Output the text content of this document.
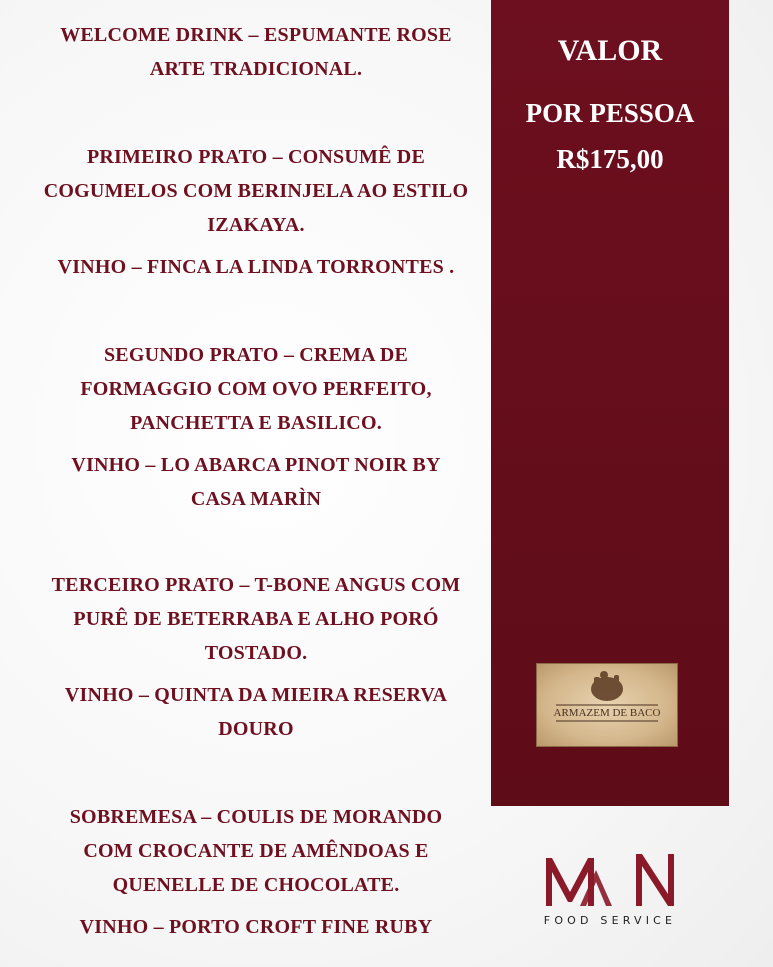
WELCOME DRINK – ESPUMANTE ROSE

ARTE TRADICIONAL.

PRIMEIRO PRATO – CONSUMÊ DE

COGUMELOS COM BERINJELA AO ESTILO

IZAKAYA.

VINHO – FINCA LA LINDA TORRONTES .

SEGUNDO PRATO – CREMA DE

FORMAGGIO COM OVO PERFEITO,

PANCHETTA E BASILICO.

VINHO – LO ABARCA PINOT NOIR BY

CASA MARÌN

TERCEIRO PRATO – T-BONE ANGUS COM

PURÊ DE BETERRABA E ALHO PORÓ

TOSTADO.

VINHO – QUINTA DA MIEIRA RESERVA

DOURO

SOBREMESA – COULIS DE MORANDO

COM CROCANTE DE AMÊNDOAS E

QUENELLE DE CHOCOLATE.

VINHO – PORTO CROFT FINE RUBY

VALOR
POR PESSOA
R$175,00
ARMAZEM DE BACO
FOOD SERVICE
